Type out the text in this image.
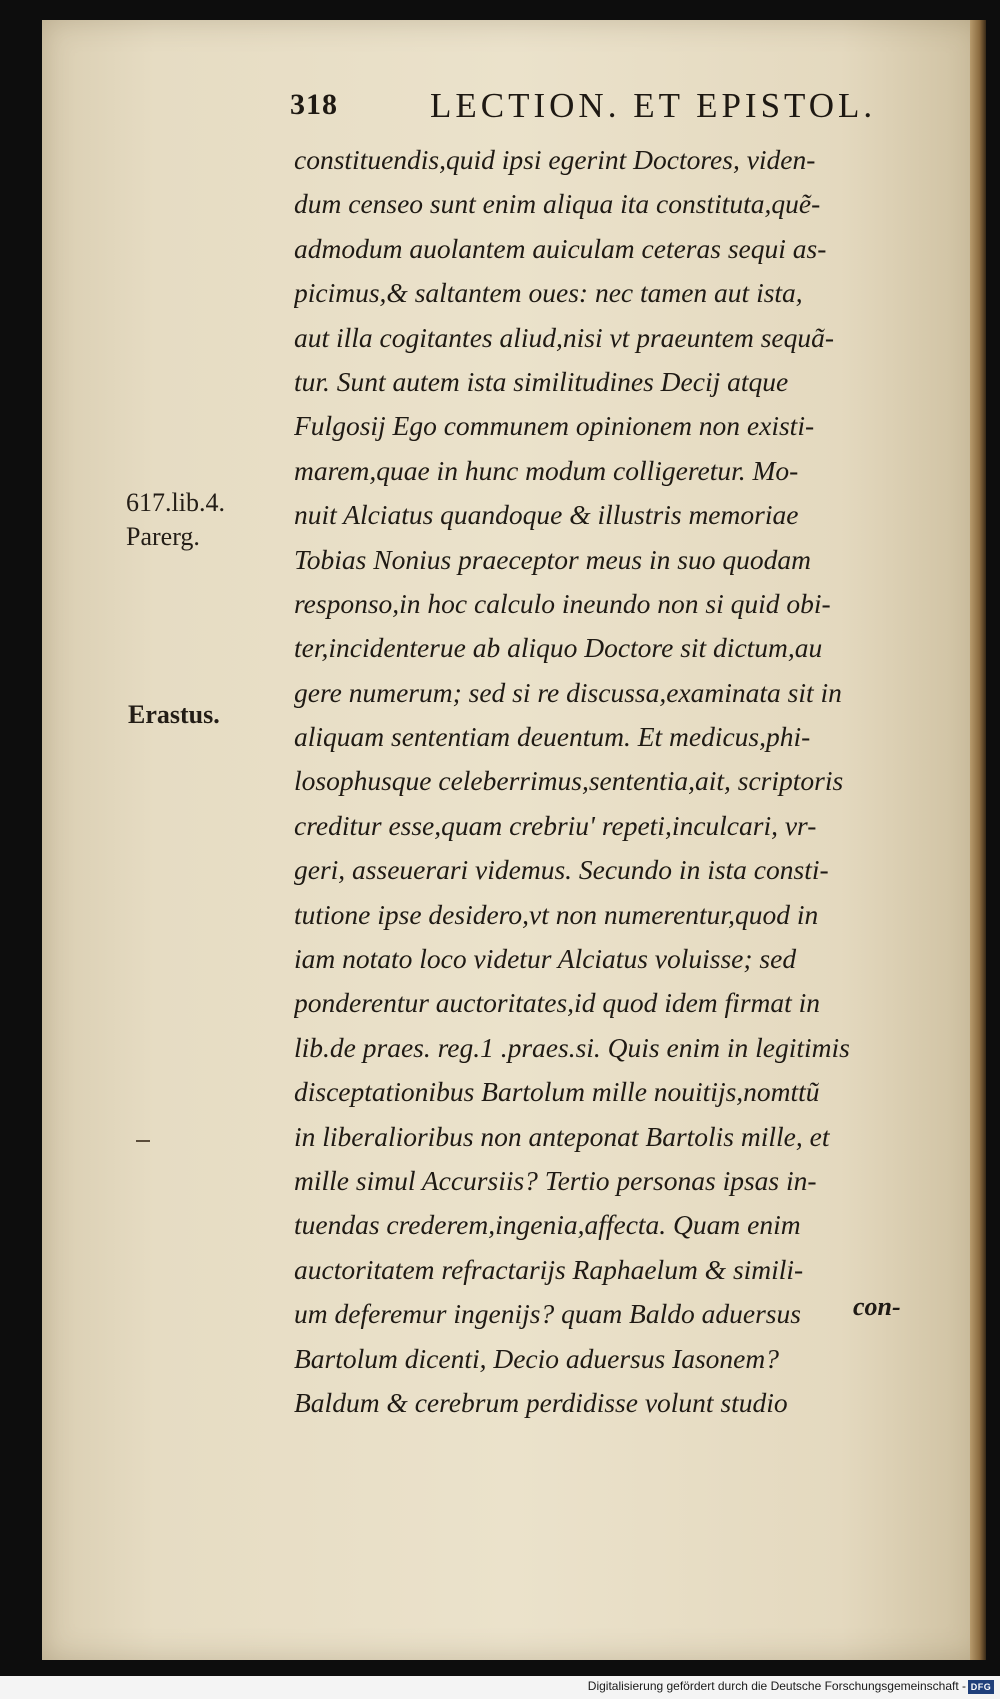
318	LECTION. ET EPISTOL.
constituendis,quid ipsi egerint Doctores, viden-
dum censeo sunt enim aliqua ita constituta,quẽ-
admodum auolantem auiculam ceteras sequi as-
picimus,& saltantem oues: nec tamen aut ista,
aut illa cogitantes aliud,nisi vt praeuntem sequã-
tur. Sunt autem ista similitudines Decij atque
Fulgosij Ego communem opinionem non existi-
marem,quae in hunc modum colligeretur. Mo-
nuit Alciatus quandoque & illustris memoriae
Tobias Nonius praeceptor meus in suo quodam
responso,in hoc calculo ineundo non si quid obi-
ter,incidenterue ab aliquo Doctore sit dictum,au
gere numerum; sed si re discussa,examinata sit in
aliquam sententiam deuentum. Et medicus,phi-
losophusque celeberrimus,sententia,ait, scriptoris
creditur esse,quam crebriu' repeti,inculcari, vr-
geri, asseuerari videmus. Secundo in ista consti-
tutione ipse desidero,vt non numerentur,quod in
iam notato loco videtur Alciatus voluisse; sed
ponderentur auctoritates,id quod idem firmat in
lib.de praes. reg.1 .praes.si. Quis enim in legitimis
disceptationibus Bartolum mille nouitijs,nomttũ
in liberalioribus non anteponat Bartolis mille, et
mille simul Accursiis? Tertio personas ipsas in-
tuendas crederem,ingenia,affecta. Quam enim
auctoritatem refractarijs Raphaelum & simili-
um deferemur ingenijs? quam Baldo aduersus
Bartolum dicenti, Decio aduersus Iasonem?
Baldum & cerebrum perdidisse volunt studio
con-
617.lib.4.
Parerg.
Erastus.
Digitalisierung gefördert durch die Deutsche Forschungsgemeinschaft - DFG
